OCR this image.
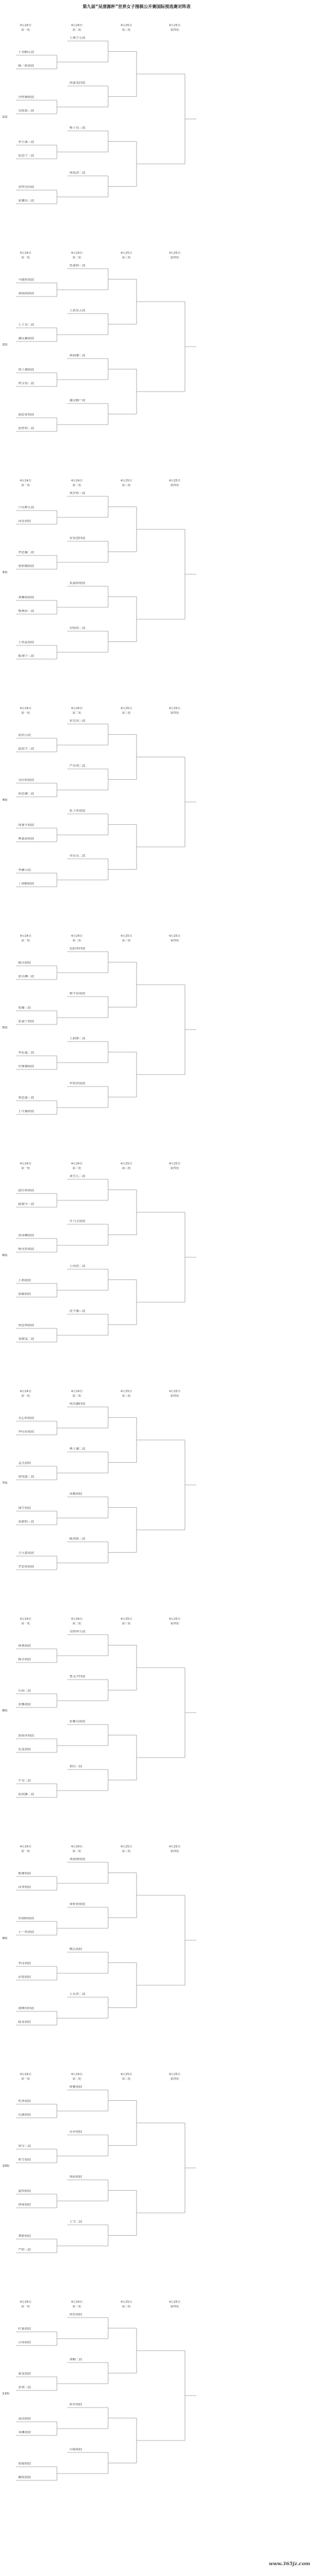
第九届“吴清源杯”世界女子围棋公开赛国际预选赛对阵表
www.365jz.com
1组
4月24日
第一轮
4月24日
第二轮
4月25日
第三轮
4月25日
第四轮
王爽宇五段
于羽桐五段
陈一依初段
唐嘉雯四段
冯梓涵初段
吴依铭三段
杨子萱三段
李小溪三段
张思宁二段
周泓余二段
金梓萱四段
黄馨仪三段
2组
4月24日
第一轮
4月24日
第二轮
4月25日
第三轮
4月25日
第四轮
曾嘉怡二段
马晓彤初段
刘雨鸽初段
王晨星五段
王子奇二段
潘沅璐初段
韩韵涵二段
胡子涵初段
钟文靖二段
谢汶桐一段
邵思霏初段
张梓冉二段
3组
4月24日
第一轮
4月24日
第二轮
4月25日
第三轮
4月25日
第四轮
贾罗婷三段
卢钰桦五段
高星初段
宋容慧四段
李思璇二段
蔡碧涵初段
黄嘉怡初段
刘馨雨初段
杨燕莎二段
付怡然二段
王欣蕊初段
陈翊宁三段
4组
4月24日
第一轮
4月24日
第二轮
4月25日
第三轮
4月25日
第四轮
朱宏玥三段
张倩五段
赵晨宇三段
严在明二段
吴佳怡初段
孙思涵二段
张子欣初段
周睿羊初段
林嘉茵初段
章乐乐二段
李赫五段
丁雨桐初段
5组
4月24日
第一轮
4月24日
第二轮
4月25日
第三轮
4月25日
第四轮
范蔚菁四段
陈珏初段
张以琳三段
杨宇瑄初段
张璇三段
张嘉宁初段
王韵如二段
李沁蔓二段
付睿涵初段
申欣然初段
郑思嘉三段
王可薇初段
6组
4月24日
第一轮
4月24日
第二轮
4月25日
第三轮
4月25日
第四轮
刘雪儿二段
赵佳琦初段
陆敏全三段
许乃文初段
黄琦琳初段
杨昊然初段
王祎然二段
王祺初段
郭颖初段
沈宇涵三段
何思琪初段
邹晓雯二段
7组
4月24日
第一轮
4月24日
第二轮
4月25日
第三轮
4月25日
第四轮
何语涵四段
吴心怡初段
李佳蓓初段
林子涵二段
孟凡初段
徐靖恩二段
高颖初段
钱宇初段
黄静怡三段
陈冰依三段
方天恩初段
罗思琦初段
8组
4月24日
第一轮
4月24日
第二轮
4月25日
第三轮
4月25日
第四轮
吴侑珍五段
韩燕初段
陈乔初段
曹又尹四段
石茹二段
黄馨初段
张紫良初段
郭雨菲初段
范雯初段
鲁佳三段
牛荣二段
张凯馨二段
9组
4月24日
第一轮
4月24日
第二轮
4月25日
第三轮
4月25日
第四轮
刘雨睿初段
陈豫初段
高琴初段
周昕怡初段
宋雨晴初段
王一然初段
姚以初段
李诗初段
彭悦初段
王若然二段
俞俐均四段
陆易初段
10组
4月24日
第一轮
4月24日
第二轮
4月25日
第三轮
4月25日
第四轮
韩雅初段
杜冰初段
孔薇初段
苏菲初段
徐莹二段
程雪初段
周蔚初段
夏怡初段
胡蓉初段
王雪二段
谭静初段
严婷三段
11组
4月24日
第一轮
4月24日
第二轮
4月25日
第三轮
4月25日
第四轮
唐奕初段
叶霖初段
吕琦初段
刘畅二段
秦雯初段
余欢二段
蒋菲初段
袁清初段
邓琳初段
白瑞初段
梁瑜初段
戴悦初段
